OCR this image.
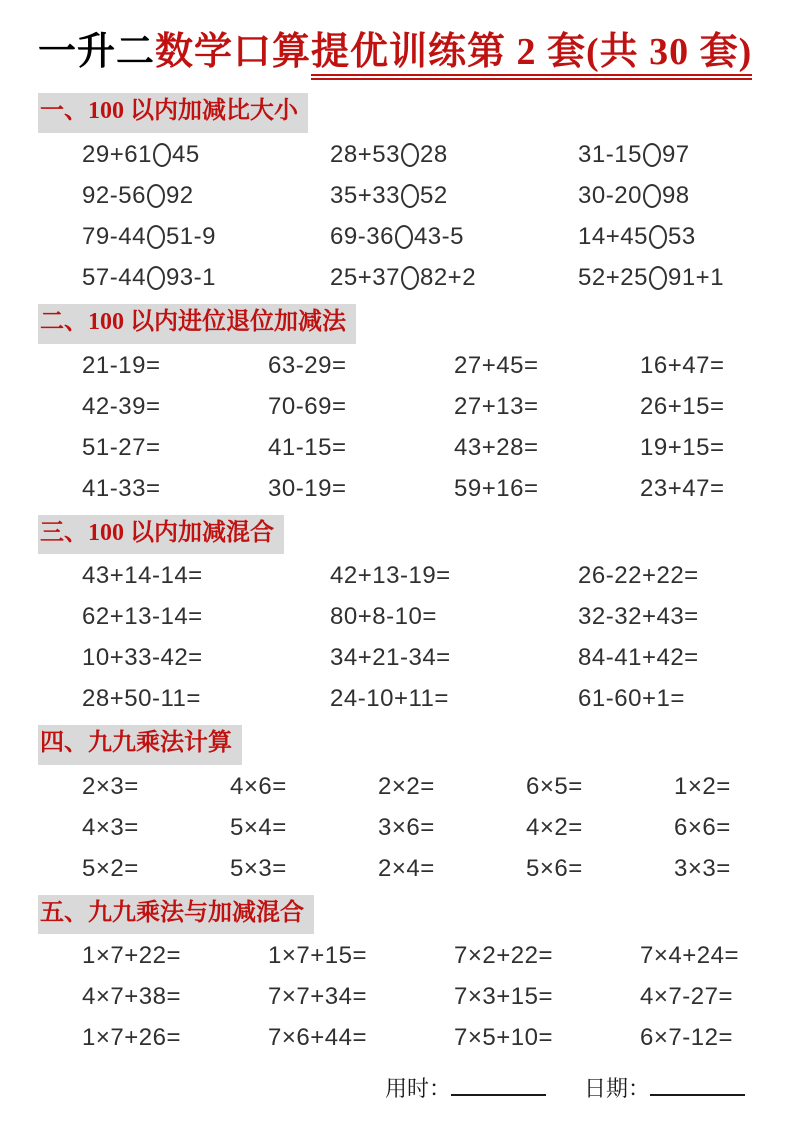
一升二数学口算提优训练第 2 套(共 30 套)
一、100 以内加减比大小
29+61 45	28+53 28	31-15 97
92-56 92	35+33 52	30-20 98
79-44 51-9	69-36 43-5	14+45 53
57-44 93-1	25+37 82+2	52+25 91+1
二、100 以内进位退位加减法
21-19=	63-29=	27+45=	16+47=
42-39=	70-69=	27+13=	26+15=
51-27=	41-15=	43+28=	19+15=
41-33=	30-19=	59+16=	23+47=
三、100 以内加减混合
43+14-14=	42+13-19=	26-22+22=
62+13-14=	80+8-10=	32-32+43=
10+33-42=	34+21-34=	84-41+42=
28+50-11=	24-10+11=	61-60+1=
四、九九乘法计算
2×3=	4×6=	2×2=	6×5=	1×2=
4×3=	5×4=	3×6=	4×2=	6×6=
5×2=	5×3=	2×4=	5×6=	3×3=
五、九九乘法与加减混合
1×7+22=	1×7+15=	7×2+22=	7×4+24=
4×7+38=	7×7+34=	7×3+15=	4×7-27=
1×7+26=	7×6+44=	7×5+10=	6×7-12=
用时：	日期：
